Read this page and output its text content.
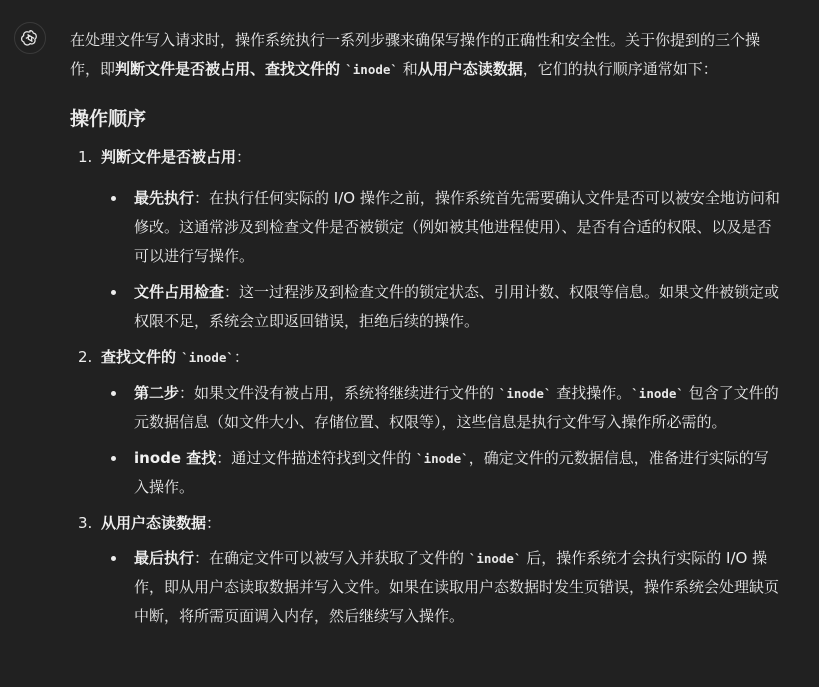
在处理文件写入请求时，操作系统执行一系列步骤来确保写操作的正确性和安全性。关于你提到的三个操作，即判断文件是否被占用、查找文件的 `inode` 和从用户态读数据，它们的执行顺序通常如下：

操作顺序
1. 判断文件是否被占用：
最先执行：在执行任何实际的 I/O 操作之前，操作系统首先需要确认文件是否可以被安全地访问和修改。这通常涉及到检查文件是否被锁定（例如被其他进程使用）、是否有合适的权限、以及是否可以进行写操作。
文件占用检查：这一过程涉及到检查文件的锁定状态、引用计数、权限等信息。如果文件被锁定或权限不足，系统会立即返回错误，拒绝后续的操作。
2. 查找文件的 `inode`：
第二步：如果文件没有被占用，系统将继续进行文件的 `inode` 查找操作。`inode` 包含了文件的元数据信息（如文件大小、存储位置、权限等），这些信息是执行文件写入操作所必需的。
inode 查找：通过文件描述符找到文件的 `inode`，确定文件的元数据信息，准备进行实际的写入操作。
3. 从用户态读数据：
最后执行：在确定文件可以被写入并获取了文件的 `inode` 后，操作系统才会执行实际的 I/O 操作，即从用户态读取数据并写入文件。如果在读取用户态数据时发生页错误，操作系统会处理缺页中断，将所需页面调入内存，然后继续写入操作。
